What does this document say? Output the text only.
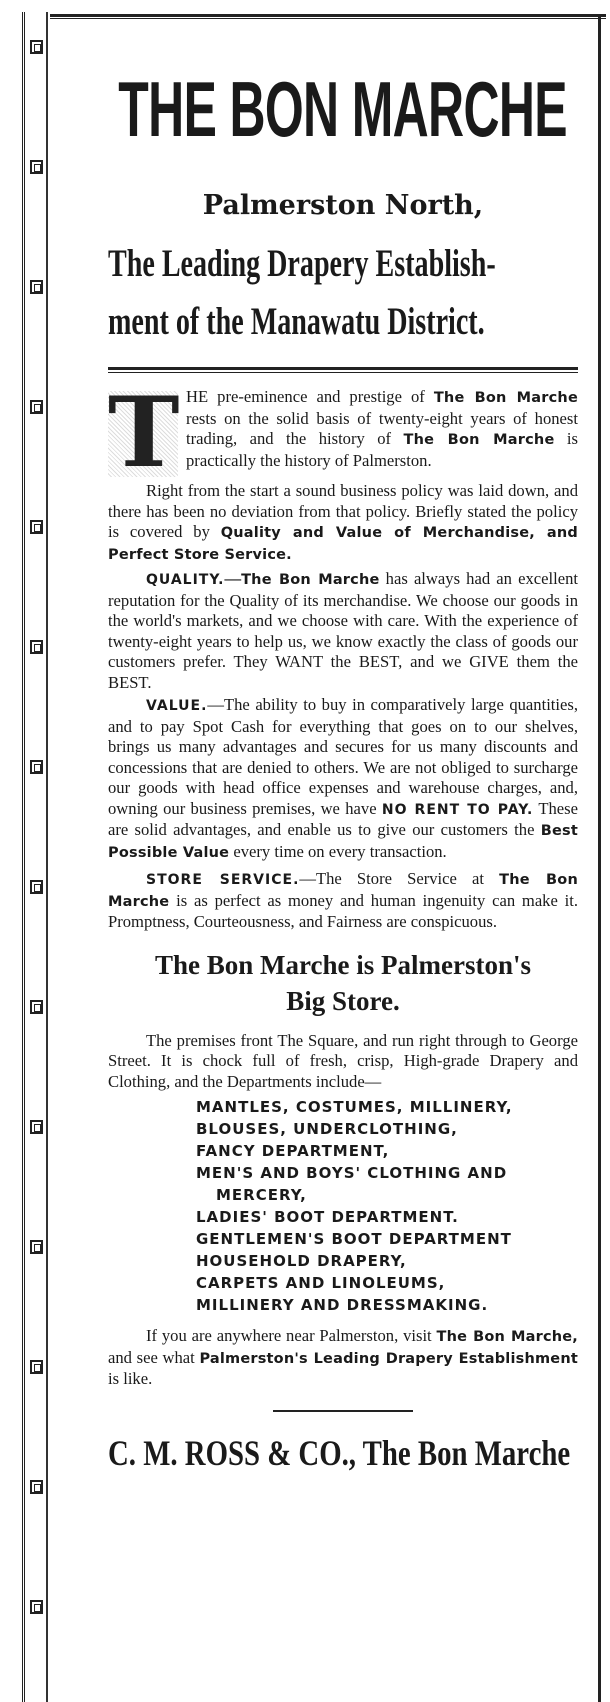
THE BON MARCHE
Palmerston North,
The Leading Drapery Establish-
ment of the Manawatu District.

T HE pre-eminence and prestige of The Bon Marche rests on the solid basis of twenty-eight years of honest trading, and the history of The Bon Marche is practically the history of Palmerston.

Right from the start a sound business policy was laid down, and there has been no deviation from that policy. Briefly stated the policy is covered by Quality and Value of Merchandise, and Perfect Store Service.

QUALITY.—The Bon Marche has always had an excellent reputation for the Quality of its merchandise. We choose our goods in the world's markets, and we choose with care. With the experience of twenty-eight years to help us, we know exactly the class of goods our customers prefer. They WANT the BEST, and we GIVE them the BEST.

VALUE.—The ability to buy in comparatively large quantities, and to pay Spot Cash for everything that goes on to our shelves, brings us many advantages and secures for us many discounts and concessions that are denied to others. We are not obliged to surcharge our goods with head office expenses and warehouse charges, and, owning our business premises, we have NO RENT TO PAY. These are solid advantages, and enable us to give our customers the Best Possible Value every time on every transaction.

STORE SERVICE.—The Store Service at The Bon Marche is as perfect as money and human ingenuity can make it. Promptness, Courteousness, and Fairness are conspicuous.

The Bon Marche is Palmerston's
Big Store.

The premises front The Square, and run right through to George Street. It is chock full of fresh, crisp, High-grade Drapery and Clothing, and the Departments include—

MANTLES, COSTUMES, MILLINERY,
BLOUSES, UNDERCLOTHING,
FANCY DEPARTMENT,
MEN'S AND BOYS' CLOTHING AND
MERCERY,
LADIES' BOOT DEPARTMENT.
GENTLEMEN'S BOOT DEPARTMENT
HOUSEHOLD DRAPERY,
CARPETS AND LINOLEUMS,
MILLINERY AND DRESSMAKING.

If you are anywhere near Palmerston, visit The Bon Marche, and see what Palmerston's Leading Drapery Establishment is like.

C. M. ROSS & CO., The Bon Marche
